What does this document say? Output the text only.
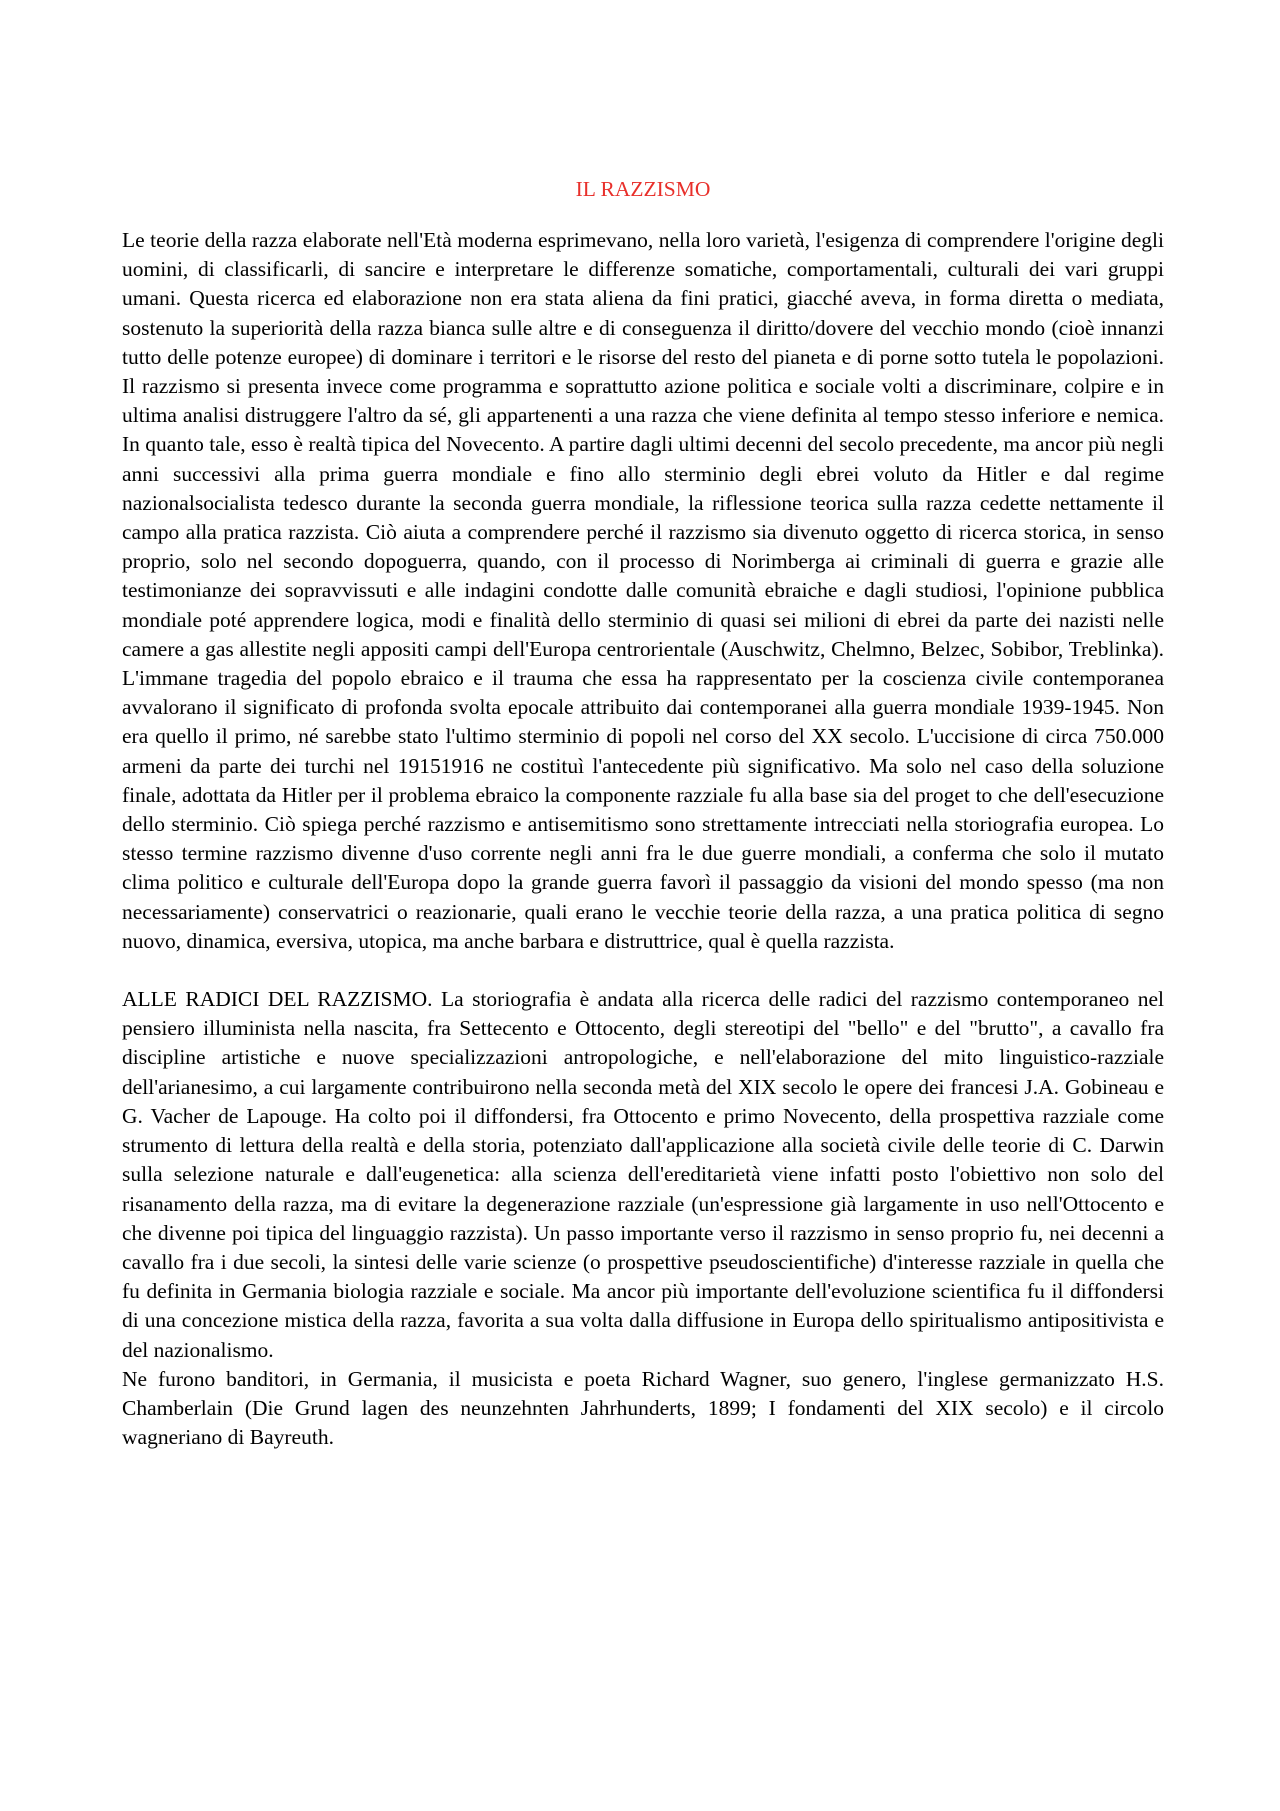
IL RAZZISMO

Le teorie della razza elaborate nell'Età moderna esprimevano, nella loro varietà, l'esigenza di comprendere l'origine degli uomini, di classificarli, di sancire e interpretare le differenze somatiche, comportamentali, culturali dei vari gruppi umani. Questa ricerca ed elaborazione non era stata aliena da fini pratici, giacché aveva, in forma diretta o mediata, sostenuto la superiorità della razza bianca sulle altre e di conseguenza il diritto/dovere del vecchio mondo (cioè innanzi tutto delle potenze europee) di dominare i territori e le risorse del resto del pianeta e di porne sotto tutela le popolazioni. Il razzismo si presenta invece come programma e soprattutto azione politica e sociale volti a discriminare, colpire e in ultima analisi distruggere l'altro da sé, gli appartenenti a una razza che viene definita al tempo stesso inferiore e nemica. In quanto tale, esso è realtà tipica del Novecento. A partire dagli ultimi decenni del secolo precedente, ma ancor più negli anni successivi alla prima guerra mondiale e fino allo sterminio degli ebrei voluto da Hitler e dal regime nazionalsocialista tedesco durante la seconda guerra mondiale, la riflessione teorica sulla razza cedette nettamente il campo alla pratica razzista. Ciò aiuta a comprendere perché il razzismo sia divenuto oggetto di ricerca storica, in senso proprio, solo nel secondo dopoguerra, quando, con il processo di Norimberga ai criminali di guerra e grazie alle testimonianze dei sopravvissuti e alle indagini condotte dalle comunità ebraiche e dagli studiosi, l'opinione pubblica mondiale poté apprendere logica, modi e finalità dello sterminio di quasi sei milioni di ebrei da parte dei nazisti nelle camere a gas allestite negli appositi campi dell'Europa centrorientale (Auschwitz, Chelmno, Belzec, Sobibor, Treblinka). L'immane tragedia del popolo ebraico e il trauma che essa ha rappresentato per la coscienza civile contemporanea avvalorano il significato di profonda svolta epocale attribuito dai contemporanei alla guerra mondiale 1939-1945. Non era quello il primo, né sarebbe stato l'ultimo sterminio di popoli nel corso del XX secolo. L'uccisione di circa 750.000 armeni da parte dei turchi nel 19151916 ne costituì l'antecedente più significativo. Ma solo nel caso della soluzione finale, adottata da Hitler per il problema ebraico la componente razziale fu alla base sia del proget to che dell'esecuzione dello sterminio. Ciò spiega perché razzismo e antisemitismo sono strettamente intrecciati nella storiografia europea. Lo stesso termine razzismo divenne d'uso corrente negli anni fra le due guerre mondiali, a conferma che solo il mutato clima politico e culturale dell'Europa dopo la grande guerra favorì il passaggio da visioni del mondo spesso (ma non necessariamente) conservatrici o reazionarie, quali erano le vecchie teorie della razza, a una pratica politica di segno nuovo, dinamica, eversiva, utopica, ma anche barbara e distruttrice, qual è quella razzista.

ALLE RADICI DEL RAZZISMO. La storiografia è andata alla ricerca delle radici del razzismo contemporaneo nel pensiero illuminista nella nascita, fra Settecento e Ottocento, degli stereotipi del "bello" e del "brutto", a cavallo fra discipline artistiche e nuove specializzazioni antropologiche, e nell'elaborazione del mito linguistico-razziale dell'arianesimo, a cui largamente contribuirono nella seconda metà del XIX secolo le opere dei francesi J.A. Gobineau e G. Vacher de Lapouge. Ha colto poi il diffondersi, fra Ottocento e primo Novecento, della prospettiva razziale come strumento di lettura della realtà e della storia, potenziato dall'applicazione alla società civile delle teorie di C. Darwin sulla selezione naturale e dall'eugenetica: alla scienza dell'ereditarietà viene infatti posto l'obiettivo non solo del risanamento della razza, ma di evitare la degenerazione razziale (un'espressione già largamente in uso nell'Ottocento e che divenne poi tipica del linguaggio razzista). Un passo importante verso il razzismo in senso proprio fu, nei decenni a cavallo fra i due secoli, la sintesi delle varie scienze (o prospettive pseudoscientifiche) d'interesse razziale in quella che fu definita in Germania biologia razziale e sociale. Ma ancor più importante dell'evoluzione scientifica fu il diffondersi di una concezione mistica della razza, favorita a sua volta dalla diffusione in Europa dello spiritualismo antipositivista e del nazionalismo.

Ne furono banditori, in Germania, il musicista e poeta Richard Wagner, suo genero, l'inglese germanizzato H.S. Chamberlain (Die Grund lagen des neunzehnten Jahrhunderts, 1899; I fondamenti del XIX secolo) e il circolo wagneriano di Bayreuth.
